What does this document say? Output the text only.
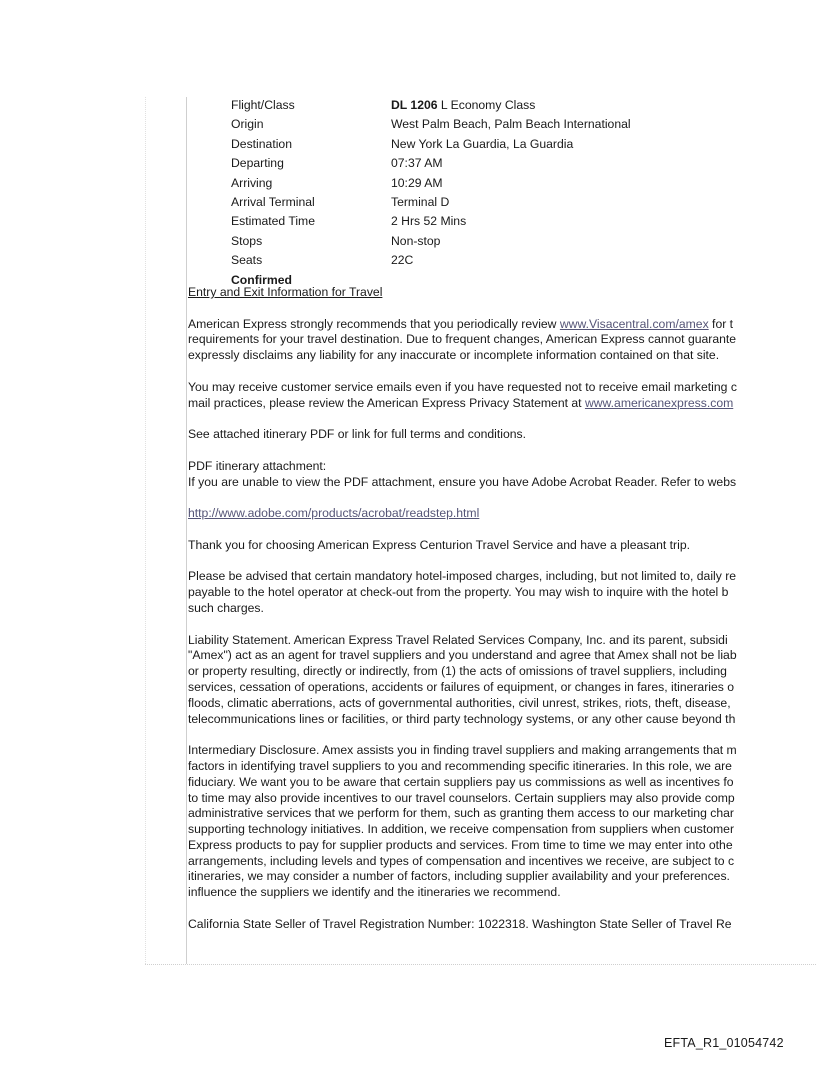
Flight/Class	DL 1206 L Economy Class
Origin	West Palm Beach, Palm Beach International
Destination	New York La Guardia, La Guardia
Departing	07:37 AM
Arriving	10:29 AM
Arrival Terminal	Terminal D
Estimated Time	2 Hrs 52 Mins
Stops	Non-stop
Seats	22C
Confirmed

Entry and Exit Information for Travel

American Express strongly recommends that you periodically review www.Visacentral.com/amex for t

requirements for your travel destination. Due to frequent changes, American Express cannot guarante

expressly disclaims any liability for any inaccurate or incomplete information contained on that site.

You may receive customer service emails even if you have requested not to receive email marketing c

mail practices, please review the American Express Privacy Statement at www.americanexpress.com

See attached itinerary PDF or link for full terms and conditions.

PDF itinerary attachment:

If you are unable to view the PDF attachment, ensure you have Adobe Acrobat Reader. Refer to webs

http://www.adobe.com/products/acrobat/readstep.html

Thank you for choosing American Express Centurion Travel Service and have a pleasant trip.

Please be advised that certain mandatory hotel-imposed charges, including, but not limited to, daily re

payable to the hotel operator at check-out from the property. You may wish to inquire with the hotel b

such charges.

Liability Statement. American Express Travel Related Services Company, Inc. and its parent, subsidi

"Amex") act as an agent for travel suppliers and you understand and agree that Amex shall not be liab

or property resulting, directly or indirectly, from (1) the acts of omissions of travel suppliers, including

services, cessation of operations, accidents or failures of equipment, or changes in fares, itineraries o

floods, climatic aberrations, acts of governmental authorities, civil unrest, strikes, riots, theft, disease,

telecommunications lines or facilities, or third party technology systems, or any other cause beyond th

Intermediary Disclosure. Amex assists you in finding travel suppliers and making arrangements that m

factors in identifying travel suppliers to you and recommending specific itineraries. In this role, we are

fiduciary. We want you to be aware that certain suppliers pay us commissions as well as incentives fo

to time may also provide incentives to our travel counselors. Certain suppliers may also provide comp

administrative services that we perform for them, such as granting them access to our marketing char

supporting technology initiatives. In addition, we receive compensation from suppliers when customer

Express products to pay for supplier products and services. From time to time we may enter into othe

arrangements, including levels and types of compensation and incentives we receive, are subject to c

itineraries, we may consider a number of factors, including supplier availability and your preferences.

influence the suppliers we identify and the itineraries we recommend.

California State Seller of Travel Registration Number: 1022318. Washington State Seller of Travel Re

EFTA_R1_01054742
